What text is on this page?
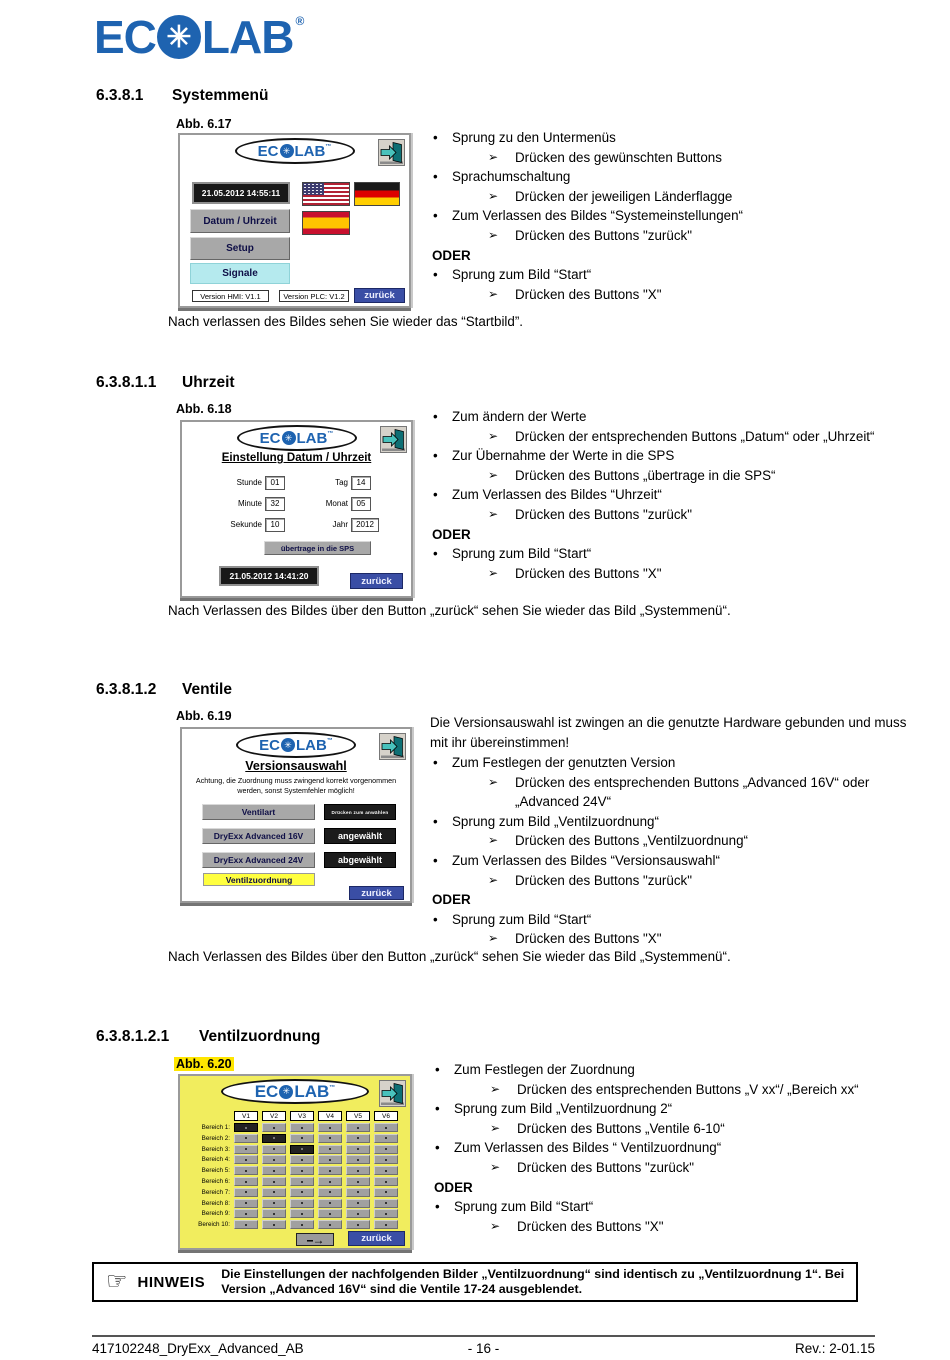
EC ✳ LAB ®
6.3.8.1	Systemmenü
Abb. 6.17
EC ✳ LAB ™
21.05.2012 14:55:11
Datum / Uhrzeit
Setup
Signale
Version HMI: V1.1	Version PLC: V1.2	zurück
•	Sprung zu den Untermenüs
➢	Drücken des gewünschten Buttons
•	Sprachumschaltung
➢	Drücken der jeweiligen Länderflagge
•	Zum Verlassen des Bildes “Systemeinstellungen“
➢	Drücken des Buttons "zurück"
ODER
•	Sprung zum Bild “Start“
➢	Drücken des Buttons "X"
Nach verlassen des Bildes sehen Sie wieder das “Startbild”.
6.3.8.1.1	Uhrzeit
Abb. 6.18
EC ✳ LAB ™
Einstellung Datum / Uhrzeit
Stunde	01	Tag	14
Minute	32	Monat	05
Sekunde	10	Jahr	2012
übertrage in die SPS
21.05.2012 14:41:20	zurück
•	Zum ändern der Werte
➢	Drücken der entsprechenden Buttons „Datum“ oder „Uhrzeit“
•	Zur Übernahme der Werte in die SPS
➢	Drücken des Buttons „übertrage in die SPS“
•	Zum Verlassen des Bildes “Uhrzeit“
➢	Drücken des Buttons "zurück"
ODER
•	Sprung zum Bild “Start“
➢	Drücken des Buttons "X"
Nach Verlassen des Bildes über den Button „zurück“ sehen Sie wieder das Bild „Systemmenü“.
6.3.8.1.2	Ventile
Abb. 6.19
EC ✳ LAB ™
Versionsauswahl
Achtung, die Zuordnung muss zwingend korrekt vorgenommen werden, sonst Systemfehler möglich!
Ventilart	Drücken zum anwählen
DryExx Advanced 16V	angewählt
DryExx Advanced 24V	abgewählt
Ventilzuordnung
zurück
Die Versionsauswahl ist zwingen an die genutzte Hardware gebunden und muss mit ihr übereinstimmen!
•	Zum Festlegen der genutzten Version
➢	Drücken des entsprechenden Buttons „Advanced 16V“ oder „Advanced 24V“
•	Sprung zum Bild „Ventilzuordnung“
➢	Drücken des Buttons „Ventilzuordnung“
•	Zum Verlassen des Bildes “Versionsauswahl“
➢	Drücken des Buttons "zurück"
ODER
•	Sprung zum Bild “Start“
➢	Drücken des Buttons "X"
Nach Verlassen des Bildes über den Button „zurück“ sehen Sie wieder das Bild „Systemmenü“.
6.3.8.1.2.1	Ventilzuordnung
Abb. 6.20
EC ✳ LAB ™
V1	V2	V3	V4	V5	V6
Bereich 1:
Bereich 2:
Bereich 3:
Bereich 4:
Bereich 5:
Bereich 6:
Bereich 7:
Bereich 8:
Bereich 9:
Bereich 10:
--→	zurück
•	Zum Festlegen der Zuordnung
➢	Drücken des entsprechenden Buttons „V xx“/ „Bereich xx“
•	Sprung zum Bild „Ventilzuordnung 2“
➢	Drücken des Buttons „Ventile 6-10“
•	Zum Verlassen des Bildes “ Ventilzuordnung“
➢	Drücken des Buttons "zurück"
ODER
•	Sprung zum Bild “Start“
➢	Drücken des Buttons "X"
☞ HINWEIS Die Einstellungen der nachfolgenden Bilder „Ventilzuordnung“ sind identisch zu „Ventilzuordnung 1“. Bei Version „Advanced 16V“ sind die Ventile 17-24 ausgeblendet.
417102248_DryExx_Advanced_AB	- 16 -	Rev.: 2-01.15
